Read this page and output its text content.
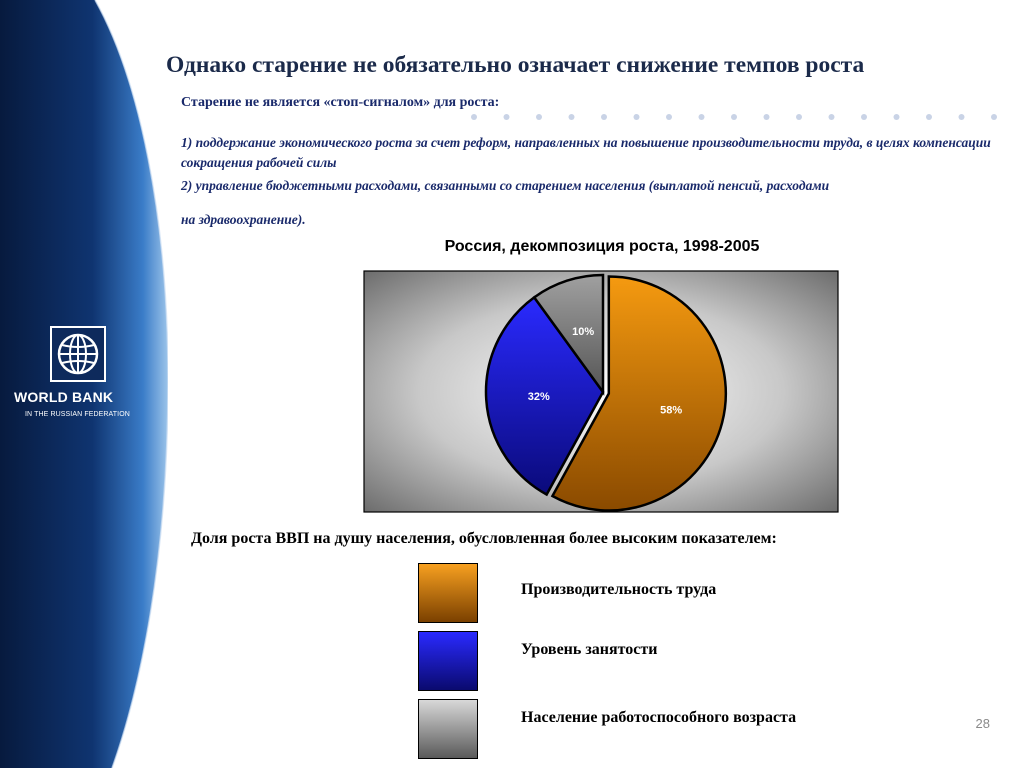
WORLD BANK
IN THE RUSSIAN FEDERATION
Однако старение не обязательно означает снижение темпов роста
Старение не является «стоп-сигналом» для роста:
1) поддержание экономического роста за счет реформ, направленных на повышение производительности труда, в целях компенсации сокращения рабочей силы
2) управление бюджетными расходами, связанными со старением населения (выплатой пенсий, расходами
на здравоохранение).
Россия, декомпозиция роста, 1998-2005
58%
32%
10%
Доля роста ВВП на душу населения, обусловленная более высоким показателем:
Производительность труда
Уровень занятости
Население работоспособного возраста	28
